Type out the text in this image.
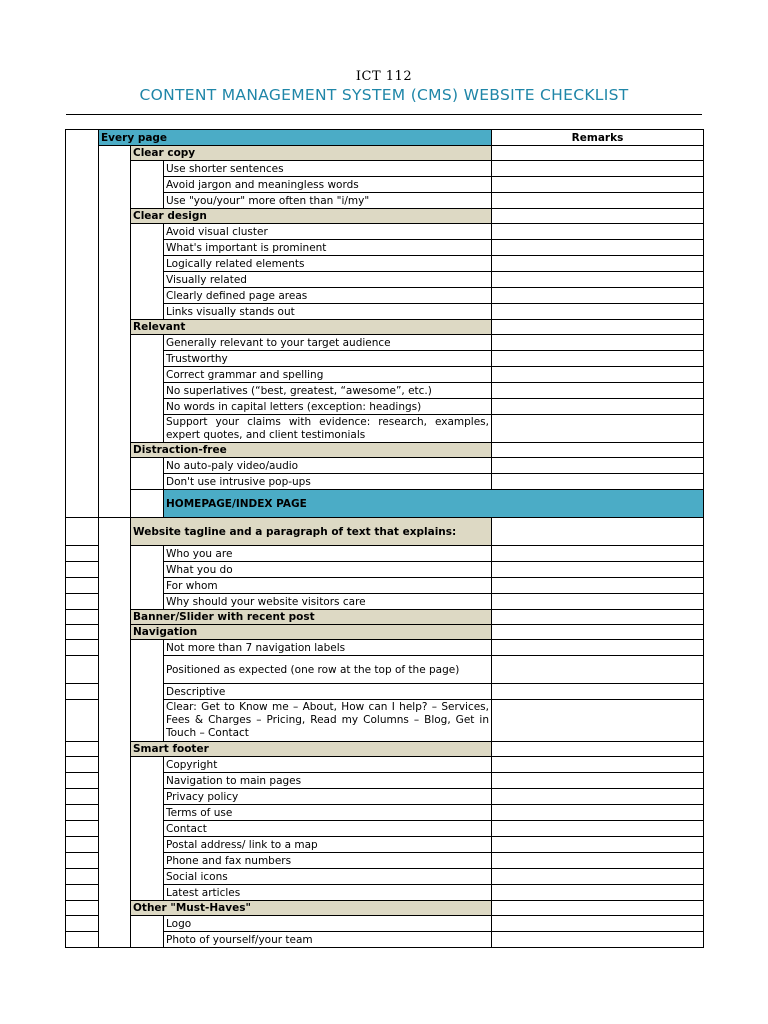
ICT 112
CONTENT MANAGEMENT SYSTEM (CMS) WEBSITE CHECKLIST
	Every page			Remarks	
		Clear copy			
			Use shorter sentences		
			Avoid jargon and meaningless words		
			Use "you/your" more often than "i/my"		
		Clear design			
			Avoid visual cluster		
			What's important is prominent		
			Logically related elements		
			Visually related		
			Clearly defined page areas		
			Links visually stands out		
		Relevant			
			Generally relevant to your target audience		
			Trustworthy		
			Correct grammar and spelling		
			No superlatives (“best, greatest, “awesome”, etc.)		
			No words in capital letters (exception: headings)		
			Support your claims with evidence: research, examples, expert quotes, and client testimonials		
		Distraction-free			
			No auto-paly video/audio		
			Don't use intrusive pop-ups		
			HOMEPAGE/INDEX PAGE		
		Website tagline and a paragraph of text that explains:			
			Who you are		
			What you do		
			For whom		
			Why should your website visitors care		
		Banner/Slider with recent post			
		Navigation			
			Not more than 7 navigation labels		
			Positioned as expected (one row at the top of the page)		
			Descriptive		
			Clear: Get to Know me – About, How can I help? – Services, Fees & Charges – Pricing, Read my Columns – Blog, Get in Touch – Contact		
		Smart footer			
			Copyright		
			Navigation to main pages		
			Privacy policy		
			Terms of use		
			Contact		
			Postal address/ link to a map		
			Phone and fax numbers		
			Social icons		
			Latest articles		
		Other "Must-Haves"			
			Logo		
			Photo of yourself/your team		
